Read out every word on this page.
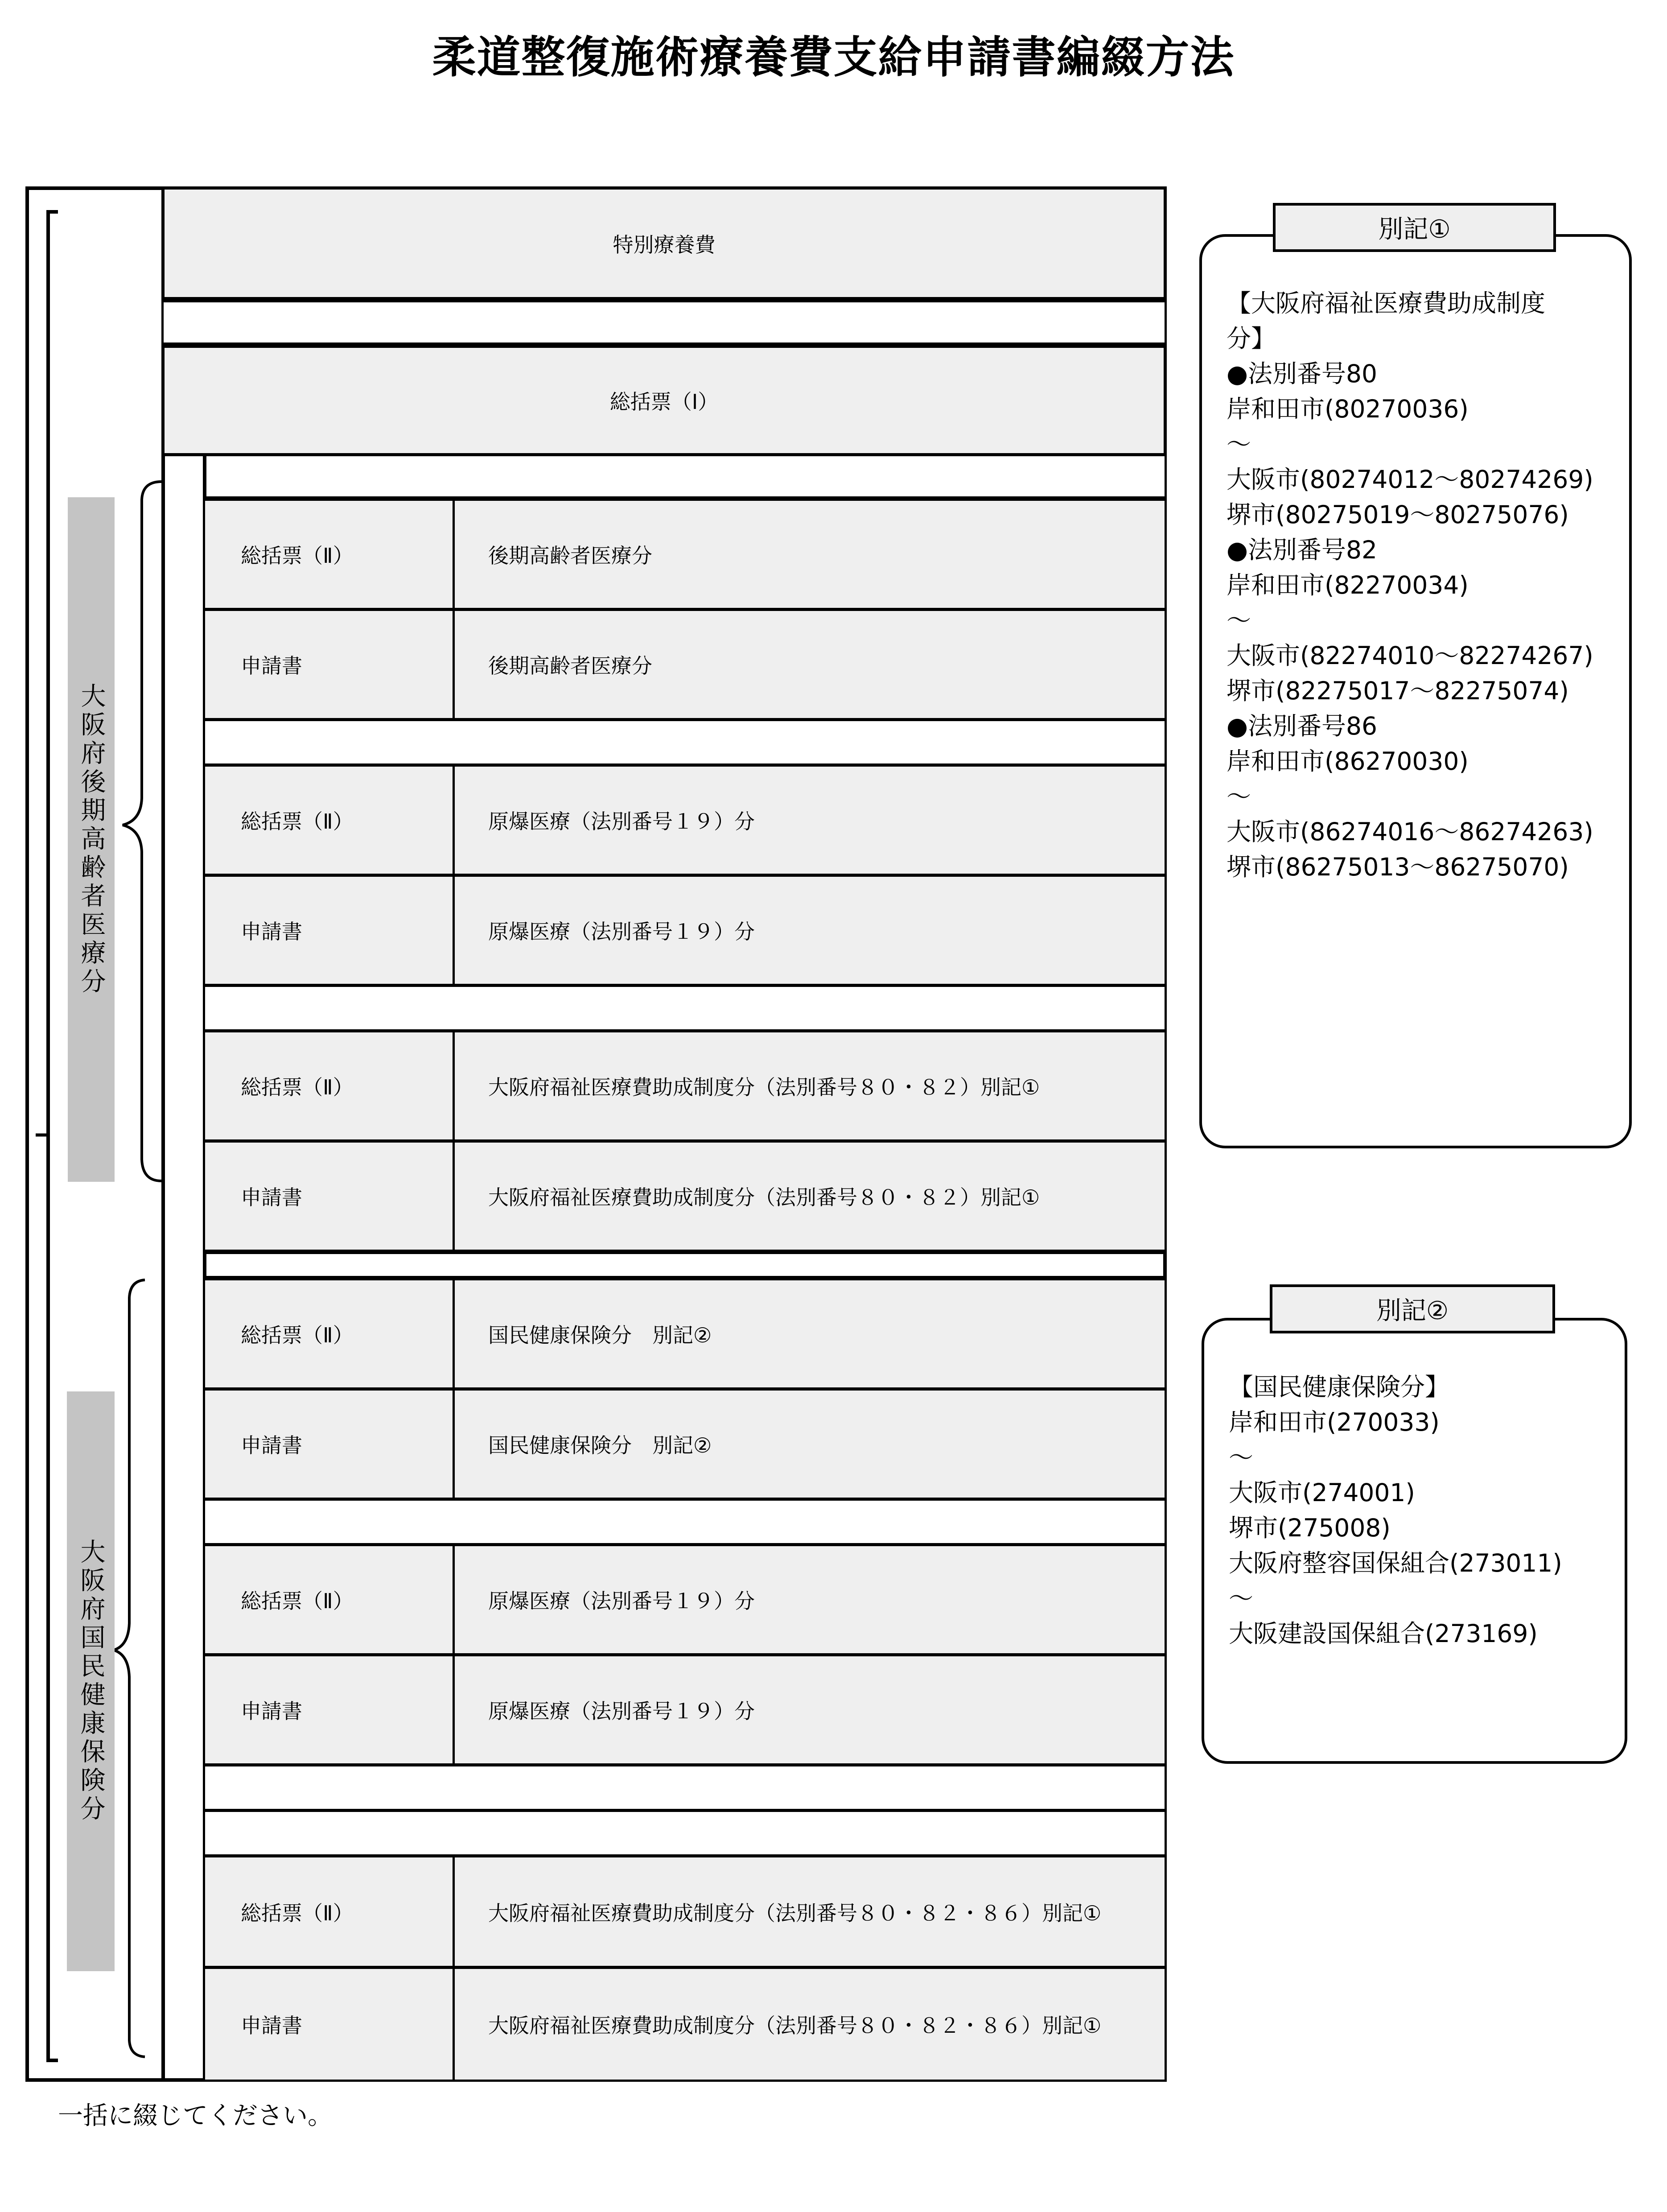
柔道整復施術療養費支給申請書編綴方法
特別療養費
総括票（Ⅰ）
総括票（Ⅱ）	後期高齢者医療分
申請書	後期高齢者医療分
総括票（Ⅱ）	原爆医療（法別番号１９）分
申請書	原爆医療（法別番号１９）分
総括票（Ⅱ）	大阪府福祉医療費助成制度分（法別番号８０・８２）別記①
申請書	大阪府福祉医療費助成制度分（法別番号８０・８２）別記①
総括票（Ⅱ）	国民健康保険分　別記②
申請書	国民健康保険分　別記②
総括票（Ⅱ）	原爆医療（法別番号１９）分
申請書	原爆医療（法別番号１９）分
総括票（Ⅱ）	大阪府福祉医療費助成制度分（法別番号８０・８２・８６）別記①
申請書	大阪府福祉医療費助成制度分（法別番号８０・８２・８６）別記①
大阪府後期高齢者医療分
大阪府国民健康保険分
【大阪府福祉医療費助成制度
分】
●法別番号80
岸和田市(80270036)
～
大阪市(80274012～80274269)
堺市(80275019～80275076)
●法別番号82
岸和田市(82270034)
～
大阪市(82274010～82274267)
堺市(82275017～82275074)
●法別番号86
岸和田市(86270030)
～
大阪市(86274016～86274263)
堺市(86275013～86275070)
別記①
【国民健康保険分】
岸和田市(270033)
～
大阪市(274001)
堺市(275008)
大阪府整容国保組合(273011)
～
大阪建設国保組合(273169)
別記②
一括に綴じてください。
